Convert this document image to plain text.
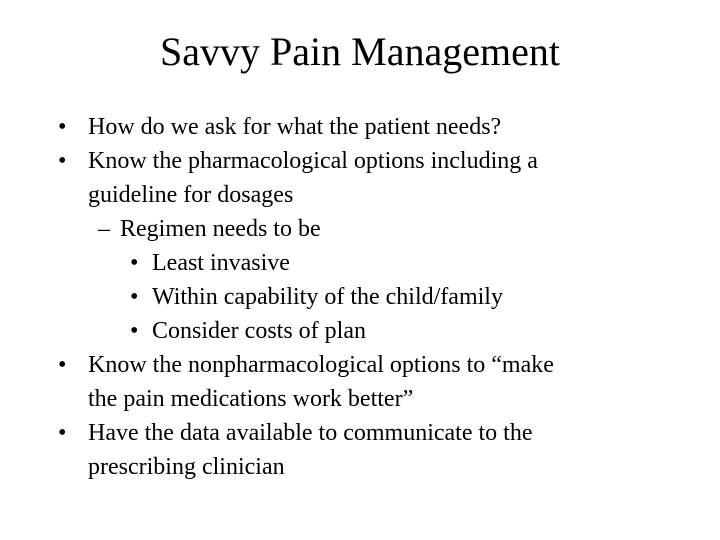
Savvy Pain Management
• How do we ask for what the patient needs?
• Know the pharmacological options including a
guideline for dosages
– Regimen needs to be
• Least invasive
• Within capability of the child/family
• Consider costs of plan
• Know the nonpharmacological options to “make
the pain medications work better”
• Have the data available to communicate to the
prescribing clinician
